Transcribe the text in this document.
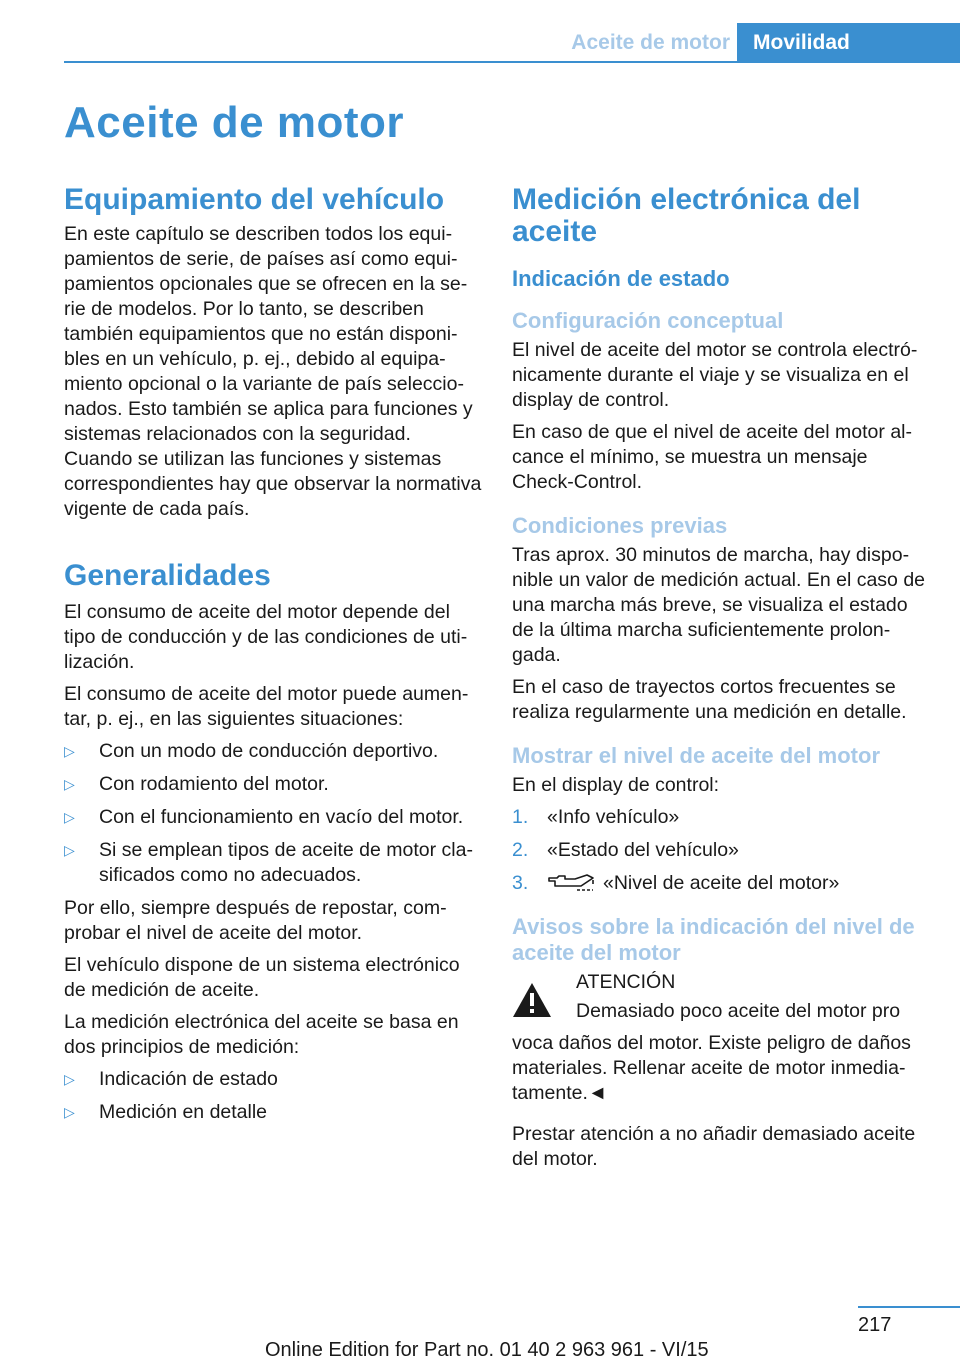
Aceite de motor	Movilidad
Aceite de motor
Equipamiento del vehículo

En este capítulo se describen todos los equipamientos de serie, de países así como equipamientos opcionales que se ofrecen en la serie de modelos. Por lo tanto, se describen también equipamientos que no están disponibles en un vehículo, p. ej., debido al equipamiento opcional o la variante de país seleccionados. Esto también se aplica para funciones y sistemas relacionados con la seguridad. Cuando se utilizan las funciones y sistemas correspondientes hay que observar la normativa vigente de cada país.

Generalidades

El consumo de aceite del motor depende del tipo de conducción y de las condiciones de utilización.

El consumo de aceite del motor puede aumentar, p. ej., en las siguientes situaciones:

▷ Con un modo de conducción deportivo.
▷ Con rodamiento del motor.
▷ Con el funcionamiento en vacío del motor.
▷ Si se emplean tipos de aceite de motor clasificados como no adecuados.

Por ello, siempre después de repostar, comprobar el nivel de aceite del motor.

El vehículo dispone de un sistema electrónico de medición de aceite.

La medición electrónica del aceite se basa en dos principios de medición:

▷ Indicación de estado
▷ Medición en detalle
Medición electrónica del aceite
Indicación de estado
Configuración conceptual

El nivel de aceite del motor se controla electrónicamente durante el viaje y se visualiza en el display de control.

En caso de que el nivel de aceite del motor alcance el mínimo, se muestra un mensaje Check-Control.

Condiciones previas

Tras aprox. 30 minutos de marcha, hay disponible un valor de medición actual. En el caso de una marcha más breve, se visualiza el estado de la última marcha suficientemente prolongada.

En el caso de trayectos cortos frecuentes se realiza regularmente una medición en detalle.

Mostrar el nivel de aceite del motor

En el display de control:

1. «Info vehículo»
2. «Estado del vehículo»
3.	«Nivel de aceite del motor»
Avisos sobre la indicación del nivel de aceite del motor

ATENCIÓN

Demasiado poco aceite del motor pro

voca daños del motor. Existe peligro de daños materiales. Rellenar aceite de motor inmediatamente.◄

Prestar atención a no añadir demasiado aceite del motor.

217
Online Edition for Part no. 01 40 2 963 961 - VI/15
